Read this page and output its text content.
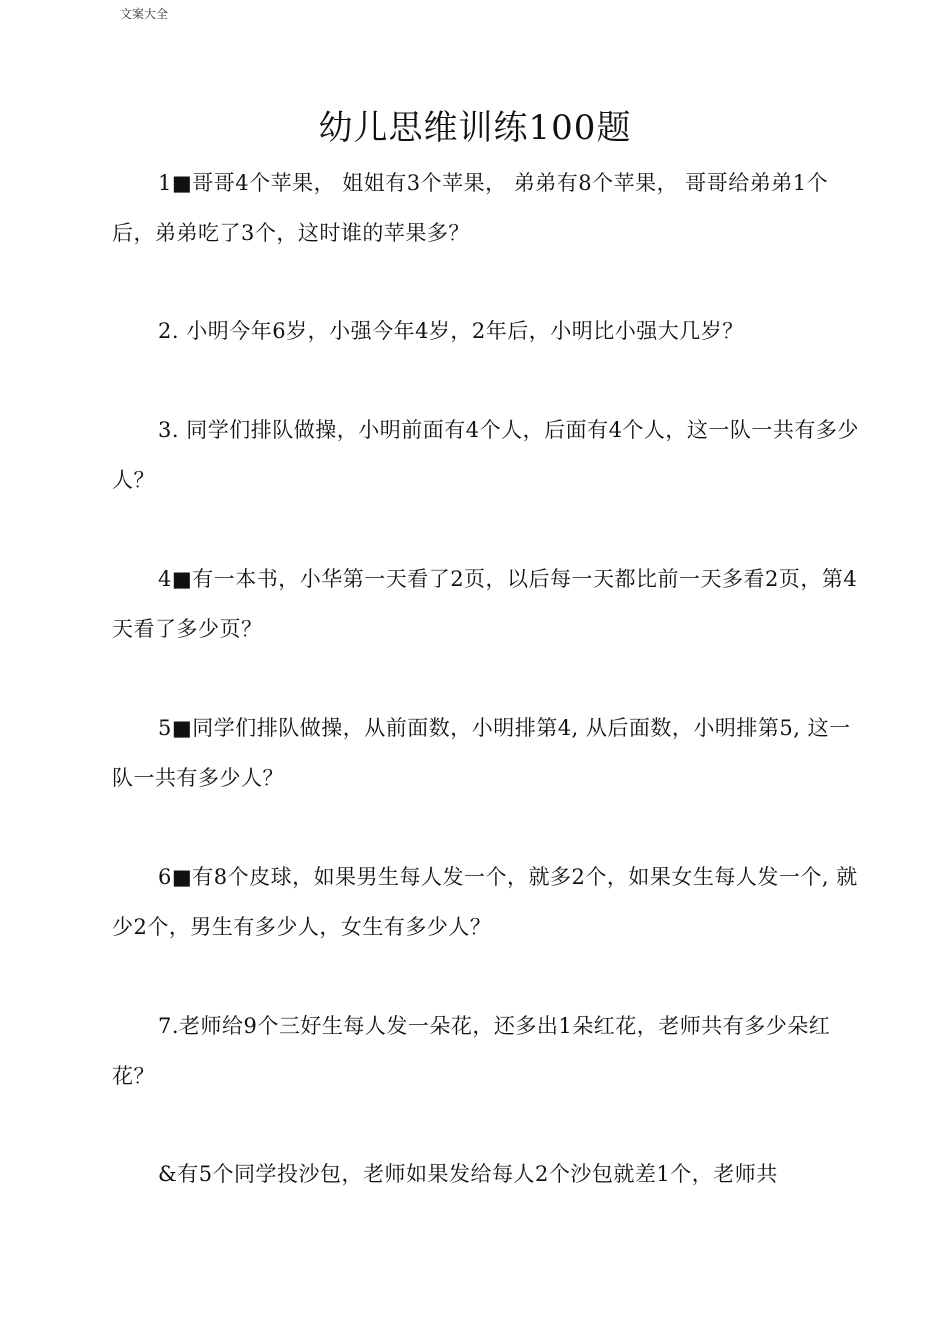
文案大全
幼儿思维训练100题
1■哥哥4个苹果， 姐姐有3个苹果， 弟弟有8个苹果， 哥哥给弟弟1个后，弟弟吃了3个，这时谁的苹果多？
2. 小明今年6岁，小强今年4岁，2年后，小明比小强大几岁？
3. 同学们排队做操，小明前面有4个人，后面有4个人，这一队一共有多少人？
4■有一本书，小华第一天看了2页，以后每一天都比前一天多看2页，第4天看了多少页？
5■同学们排队做操，从前面数，小明排第4, 从后面数，小明排第5, 这一队一共有多少人？
6■有8个皮球，如果男生每人发一个，就多2个，如果女生每人发一个, 就少2个，男生有多少人，女生有多少人？
7.老师给9个三好生每人发一朵花，还多出1朵红花，老师共有多少朵红花？
&有5个同学投沙包，老师如果发给每人2个沙包就差1个，老师共
